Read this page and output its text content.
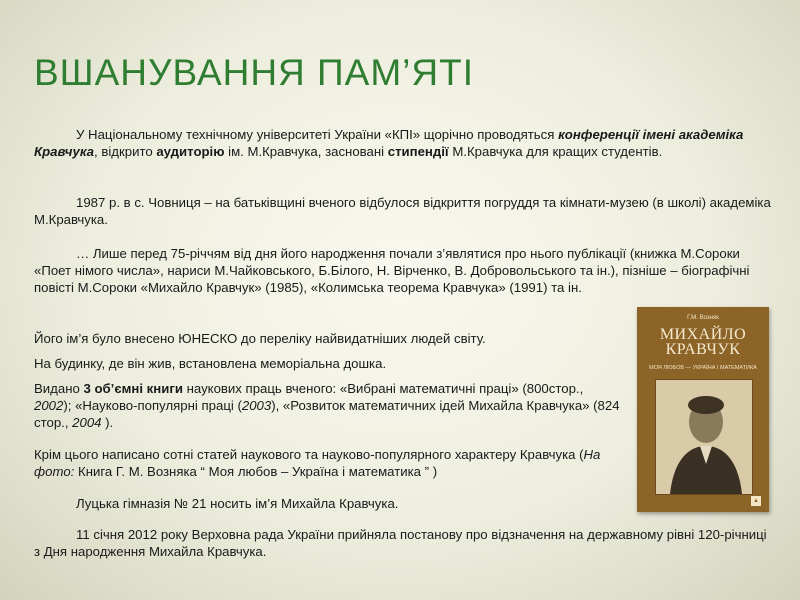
ВШАНУВАННЯ ПАМ’ЯТІ

У Національному технічному університеті України «КПІ» щорічно проводяться конференції імені академіка Кравчука, відкрито аудиторію ім. М.Кравчука, засновані стипендії М.Кравчука для кращих студентів.

1987 р. в с. Човниця – на батьківщині вченого відбулося відкриття погруддя та кімнати-музею (в школі) академіка М.Кравчука.

… Лише перед 75-річчям від дня його народження почали з’являтися про нього публікації (книжка М.Сороки «Поет німого числа», нариси М.Чайковського, Б.Білого, Н. Вірченко, В. Добровольського та ін.), пізніше – біографічні повісті М.Сороки «Михайло Кравчук» (1985), «Колимська теорема Кравчука» (1991) та ін.

Його ім’я було внесено ЮНЕСКО до переліку найвидатніших людей світу.

На будинку, де він жив, встановлена меморіальна дошка.

Видано 3 об’ємні книги наукових праць вченого: «Вибрані математичні праці» (800стор., 2002); «Науково-популярні праці (2003), «Розвиток математичних ідей Михайла Кравчука» (824 стор., 2004 ).

Крім цього написано сотні статей наукового та науково-популярного характеру Кравчука (На фото: Книга Г. М. Возняка “ Моя любов – Україна і математика ” )

Луцька гімназія № 21 носить ім’я Михайла Кравчука.

11 січня 2012 року Верховна рада України прийняла постанову про відзначення на державному рівні 120-річниці з Дня народження Михайла Кравчука.

Г.М. Возняк
МИХАЙЛО КРАВЧУК
МОЯ ЛЮБОВ — УКРАЇНА І МАТЕМАТИКА
▲
